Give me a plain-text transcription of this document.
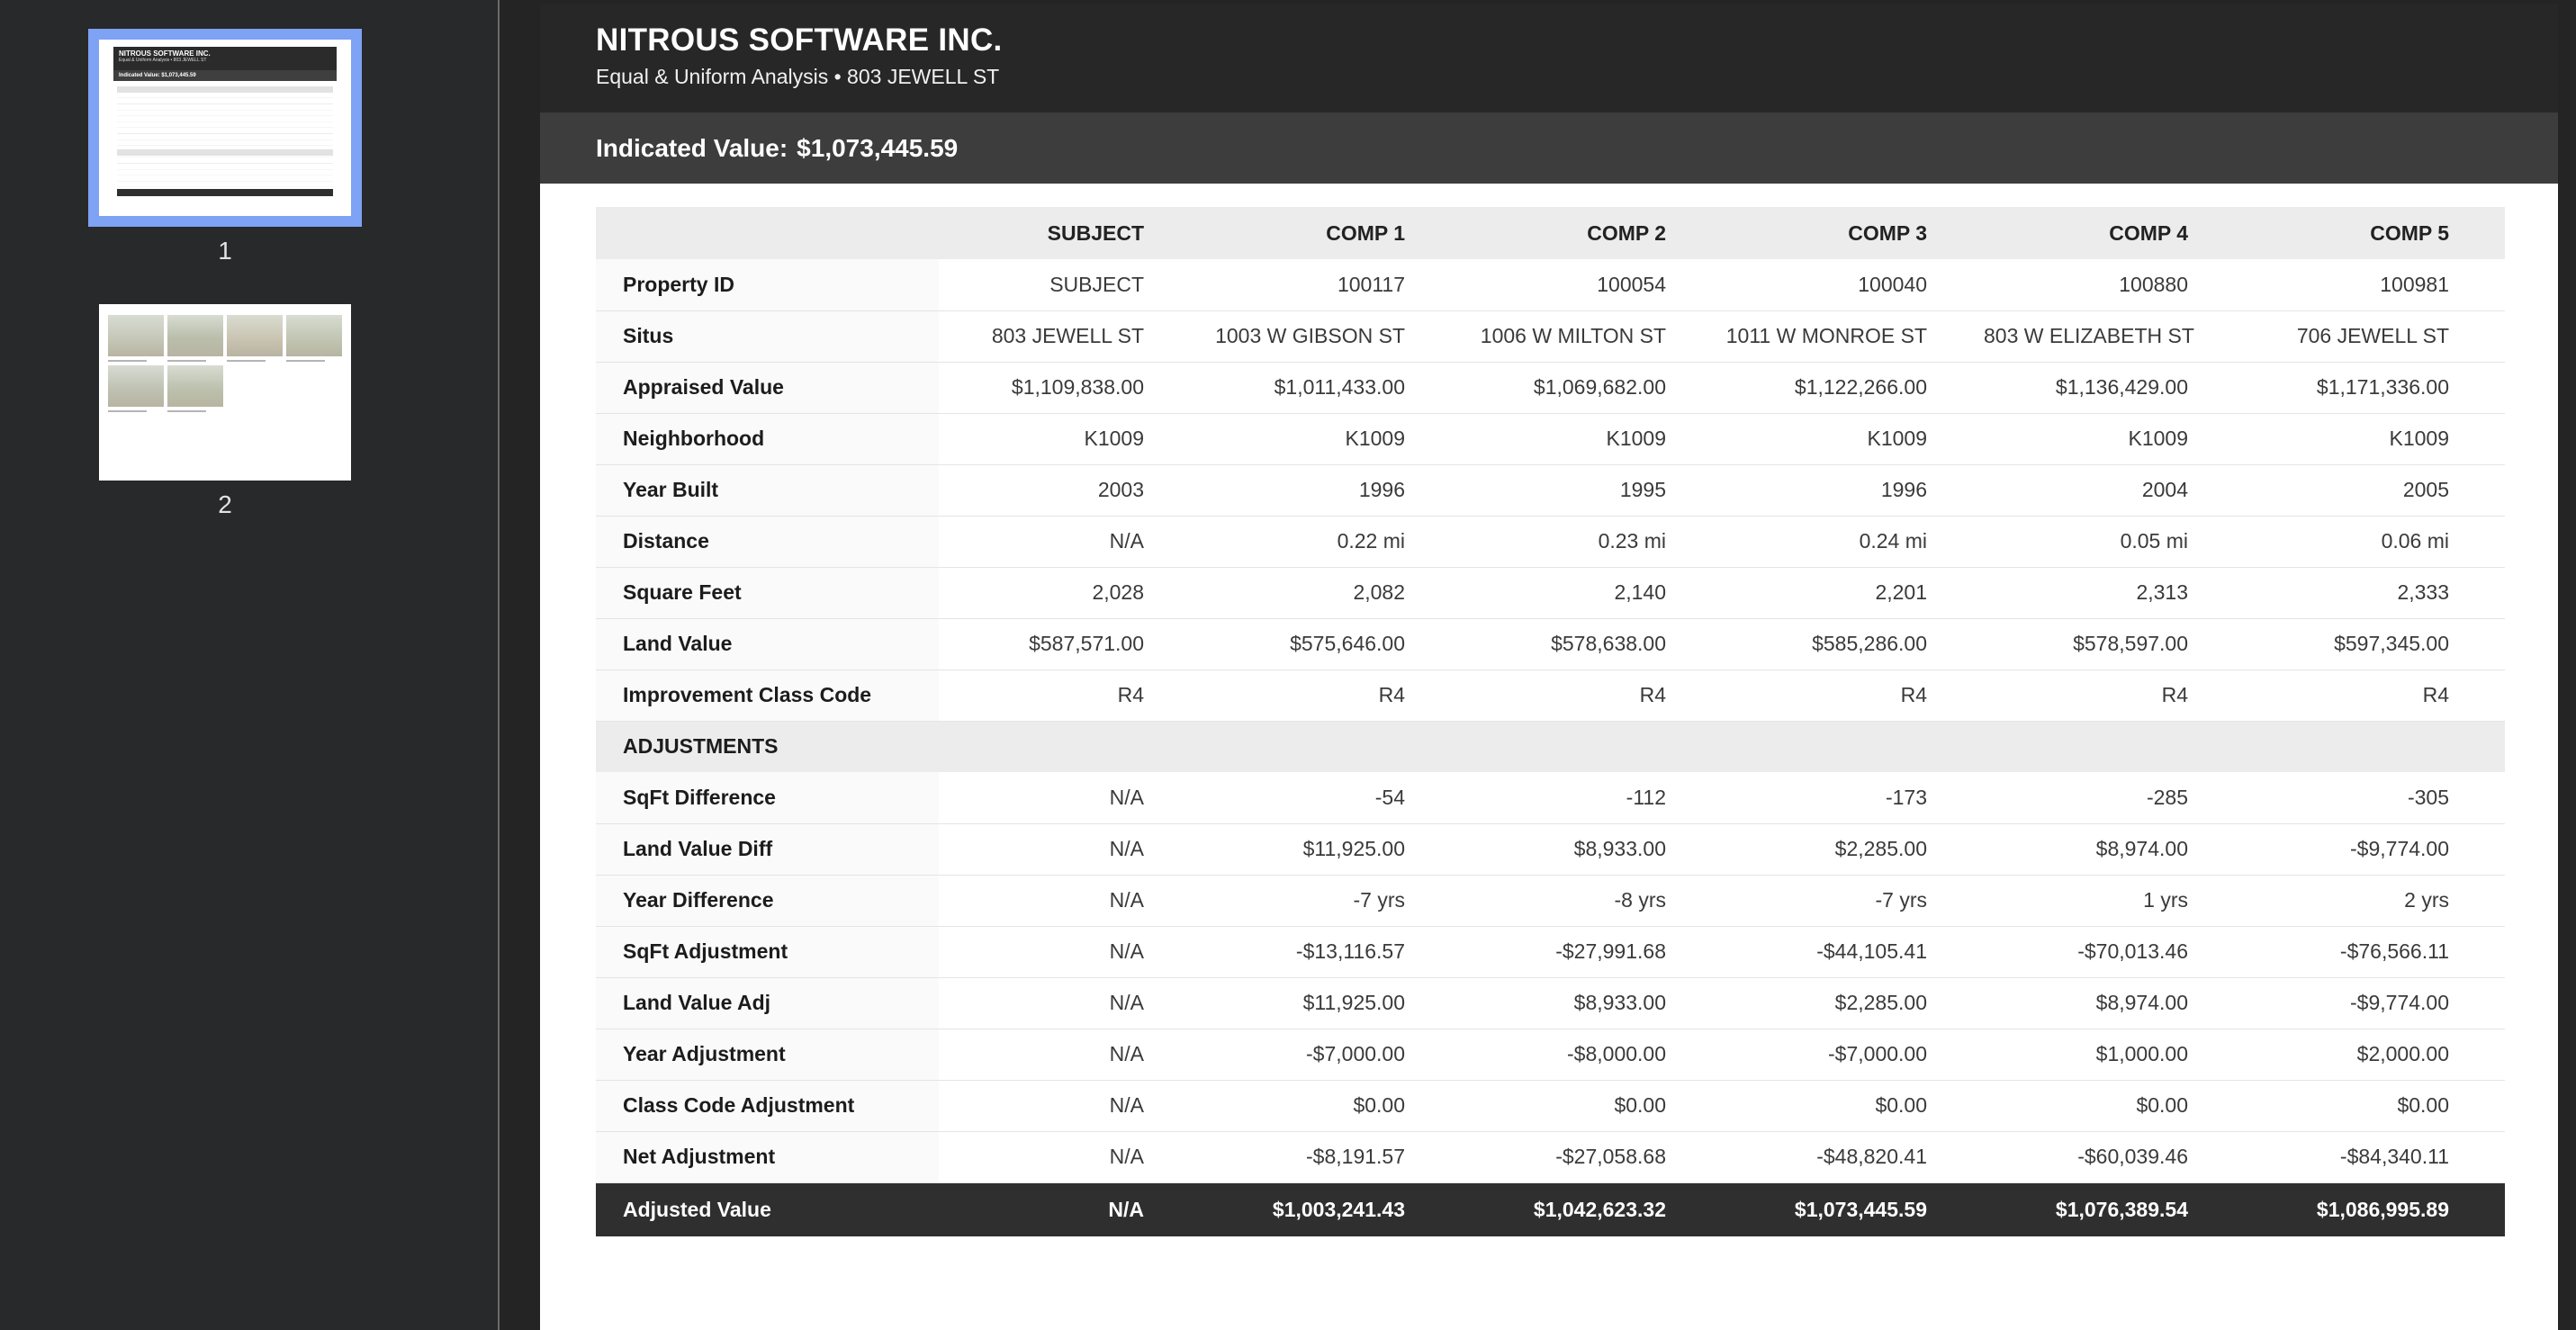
NITROUS SOFTWARE INC.
Equal & Uniform Analysis • 803 JEWELL ST
Indicated Value: $1,073,445.59
1
2
NITROUS SOFTWARE INC.
Equal & Uniform Analysis • 803 JEWELL ST
Indicated Value: $1,073,445.59
	SUBJECT	COMP 1	COMP 2	COMP 3	COMP 4	COMP 5
Property ID	SUBJECT	100117	100054	100040	100880	100981
Situs	803 JEWELL ST	1003 W GIBSON ST	1006 W MILTON ST	1011 W MONROE ST	803 W ELIZABETH ST	706 JEWELL ST
Appraised Value	$1,109,838.00	$1,011,433.00	$1,069,682.00	$1,122,266.00	$1,136,429.00	$1,171,336.00
Neighborhood	K1009	K1009	K1009	K1009	K1009	K1009
Year Built	2003	1996	1995	1996	2004	2005
Distance	N/A	0.22 mi	0.23 mi	0.24 mi	0.05 mi	0.06 mi
Square Feet	2,028	2,082	2,140	2,201	2,313	2,333
Land Value	$587,571.00	$575,646.00	$578,638.00	$585,286.00	$578,597.00	$597,345.00
Improvement Class Code	R4	R4	R4	R4	R4	R4
ADJUSTMENTS						
SqFt Difference	N/A	-54	-112	-173	-285	-305
Land Value Diff	N/A	$11,925.00	$8,933.00	$2,285.00	$8,974.00	-$9,774.00
Year Difference	N/A	-7 yrs	-8 yrs	-7 yrs	1 yrs	2 yrs
SqFt Adjustment	N/A	-$13,116.57	-$27,991.68	-$44,105.41	-$70,013.46	-$76,566.11
Land Value Adj	N/A	$11,925.00	$8,933.00	$2,285.00	$8,974.00	-$9,774.00
Year Adjustment	N/A	-$7,000.00	-$8,000.00	-$7,000.00	$1,000.00	$2,000.00
Class Code Adjustment	N/A	$0.00	$0.00	$0.00	$0.00	$0.00
Net Adjustment	N/A	-$8,191.57	-$27,058.68	-$48,820.41	-$60,039.46	-$84,340.11
Adjusted Value	N/A	$1,003,241.43	$1,042,623.32	$1,073,445.59	$1,076,389.54	$1,086,995.89
